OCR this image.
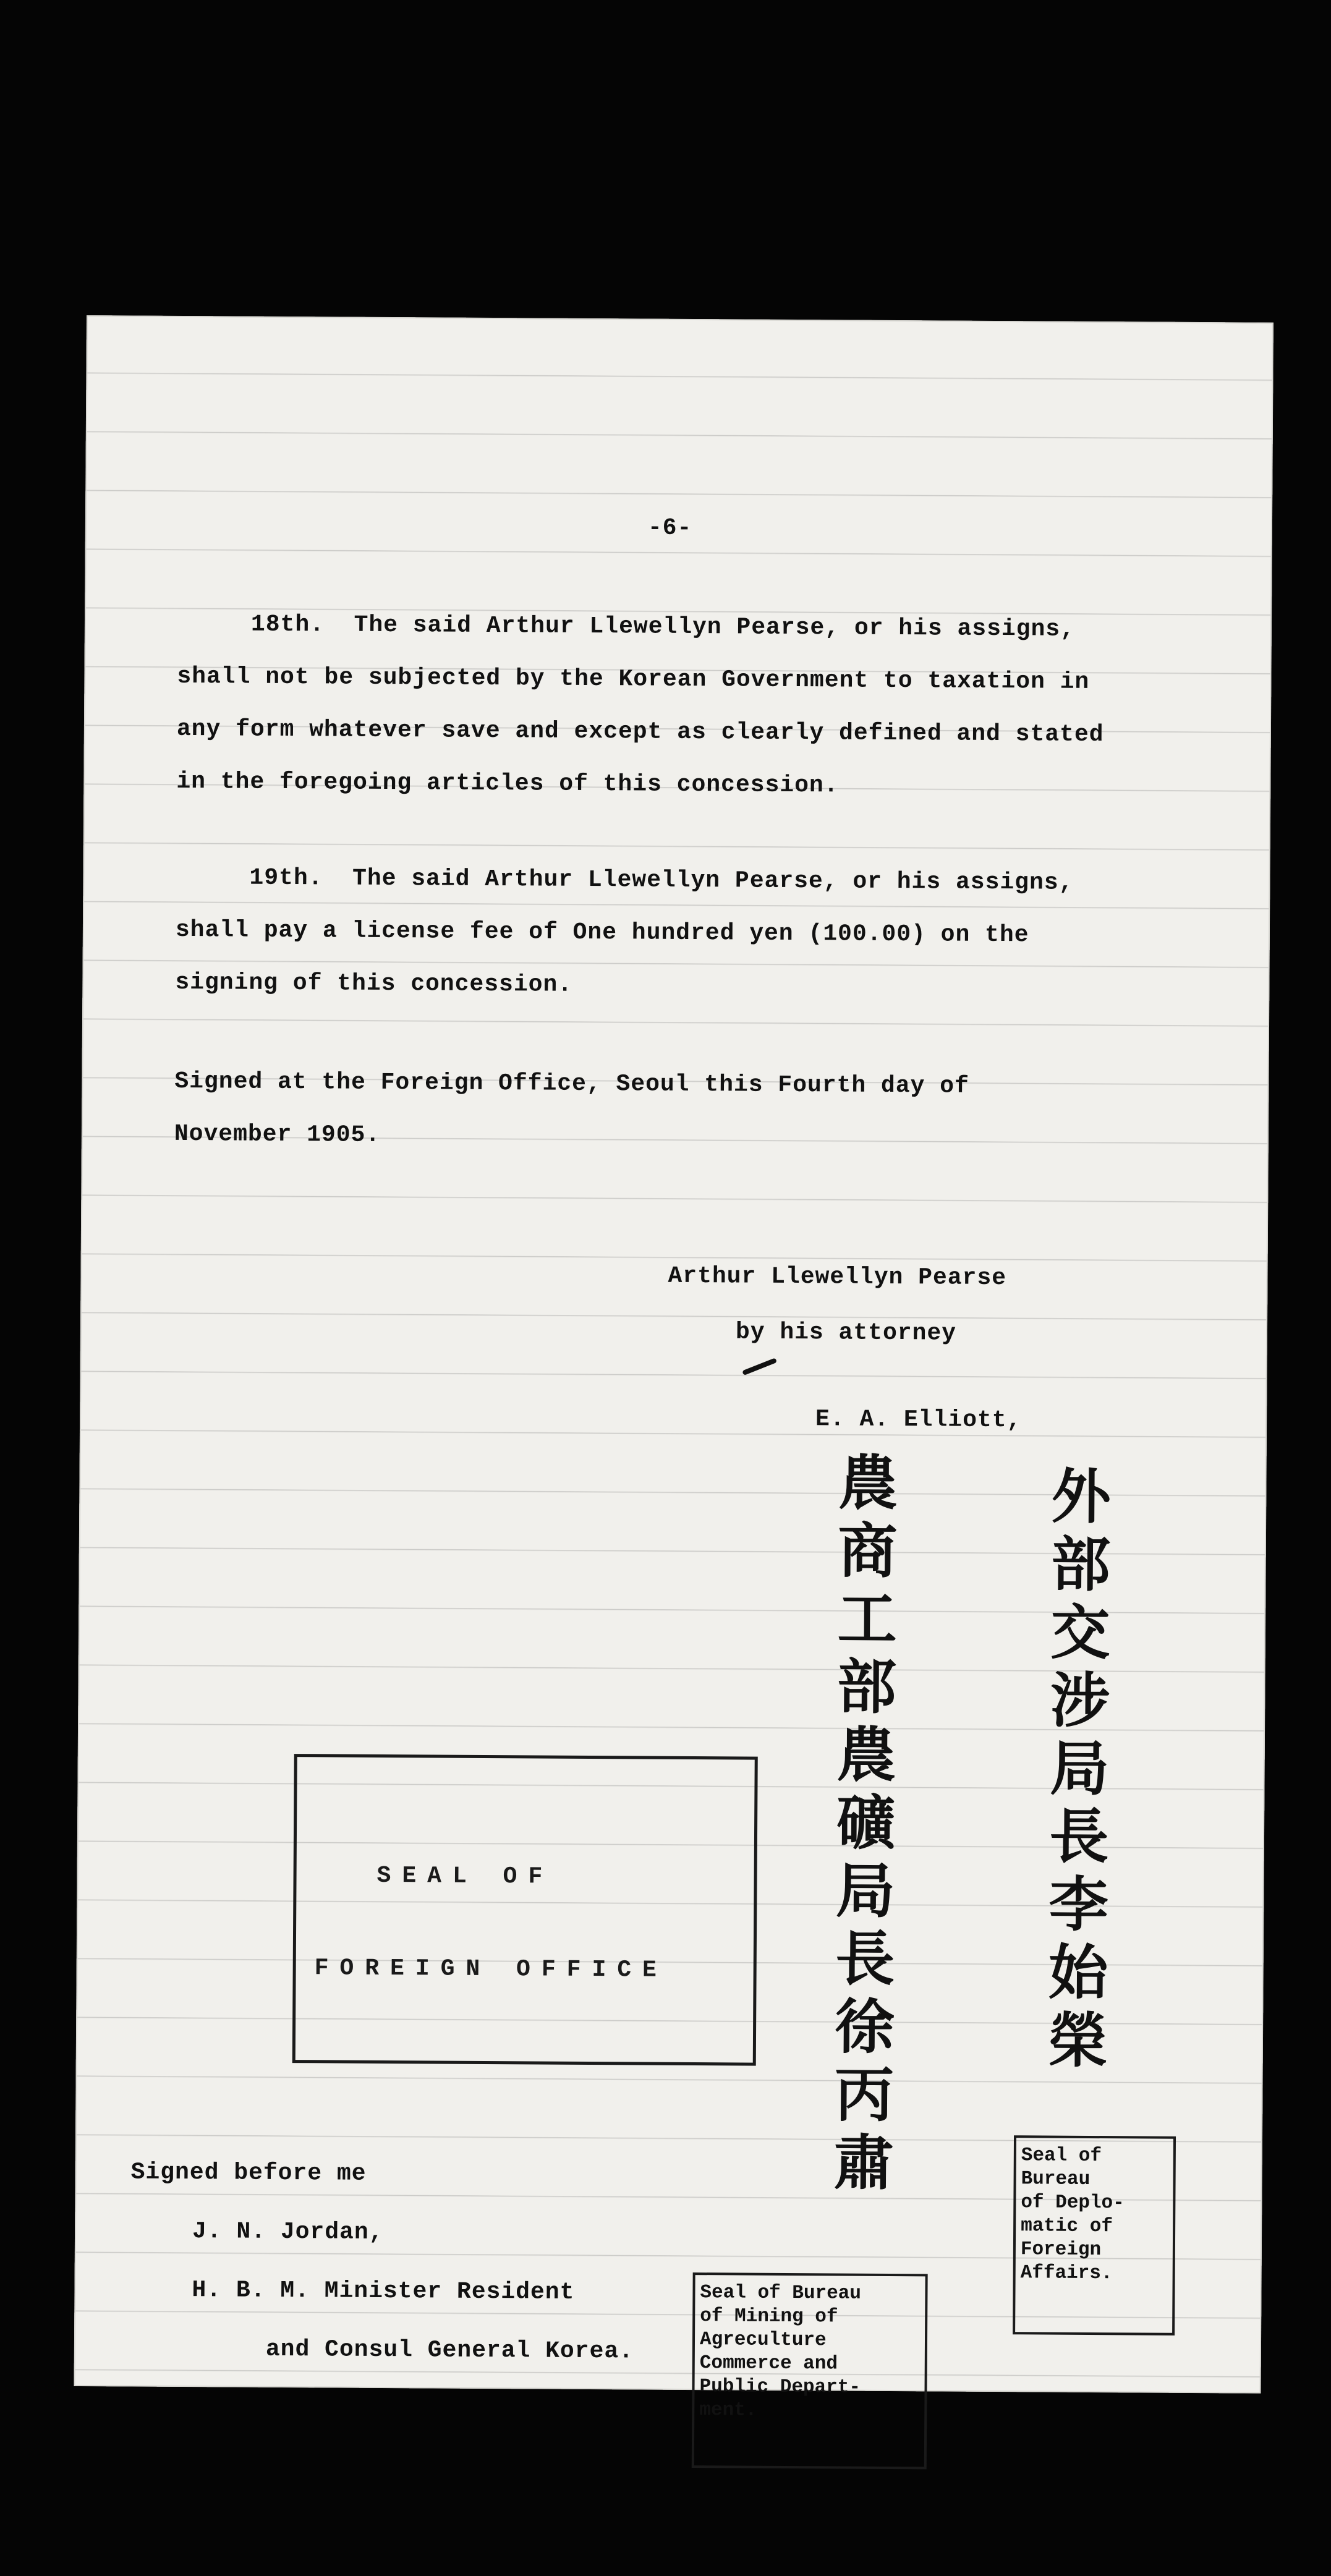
-6-
18th.  The said Arthur Llewellyn Pearse, or his assigns,
shall not be subjected by the Korean Government to taxation in
any form whatever save and except as clearly defined and stated
in the foregoing articles of this concession.
19th.  The said Arthur Llewellyn Pearse, or his assigns,
shall pay a license fee of One hundred yen (100.00) on the
signing of this concession.
Signed at the Foreign Office, Seoul this Fourth day of
November 1905.
Arthur Llewellyn Pearse
by his attorney
E. A. Elliott,
外部交涉局長李始榮
農商工部農礦局長徐丙肅
SEAL OF
FOREIGN OFFICE
Seal of
Bureau
of Deplo-
matic of
Foreign
Affairs.
Seal of Bureau
of Mining of
Agreculture
Commerce and
Public Depart-
ment.
Signed before me
J. N. Jordan,
H. B. M. Minister Resident
and Consul General Korea.
